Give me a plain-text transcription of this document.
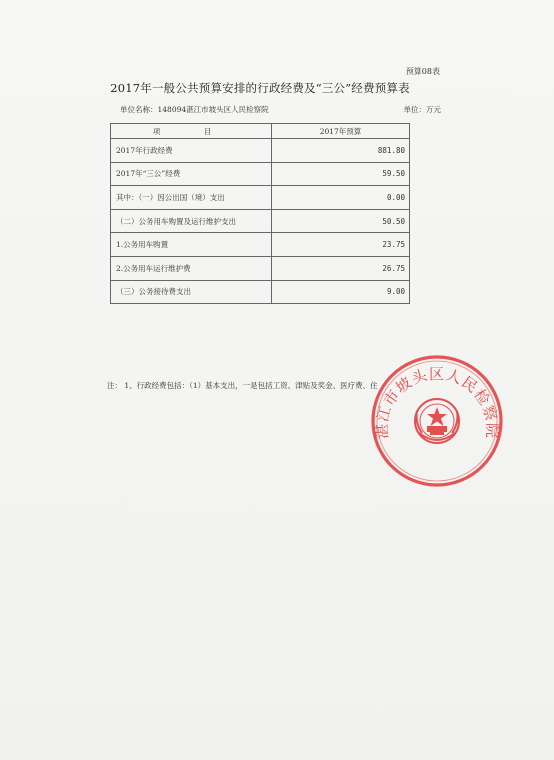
预算08表
2017年一般公共预算安排的行政经费及“三公”经费预算表
单位名称：148094湛江市坡头区人民检察院	单位：万元
项　目	2017年预算
2017年行政经费	881.80
2017年“三公”经费	59.50
其中：（一）因公出国（境）支出	0.00
（二）公务用车购置及运行维护支出	50.50
1.公务用车购置	23.75
2.公务用车运行维护费	26.75
（三）公务接待费支出	9.00
注： 1、行政经费包括：（1）基本支出，一是包括工资、津贴及奖金、医疗费、住
湛江市坡头区人民检察院
